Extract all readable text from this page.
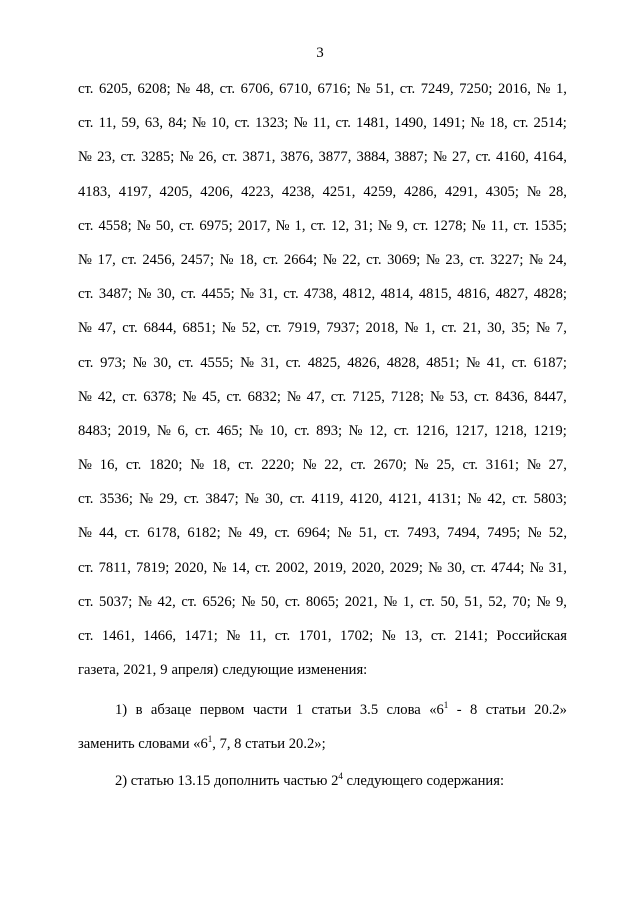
3
ст. 6205, 6208; № 48, ст. 6706, 6710, 6716; № 51, ст. 7249, 7250; 2016, № 1,
ст. 11, 59, 63, 84; № 10, ст. 1323; № 11, ст. 1481, 1490, 1491; № 18, ст. 2514;
№ 23, ст. 3285; № 26, ст. 3871, 3876, 3877, 3884, 3887; № 27, ст. 4160, 4164,
4183, 4197, 4205, 4206, 4223, 4238, 4251, 4259, 4286, 4291, 4305; № 28,
ст. 4558; № 50, ст. 6975; 2017, № 1, ст. 12, 31; № 9, ст. 1278; № 11, ст. 1535;
№ 17, ст. 2456, 2457; № 18, ст. 2664; № 22, ст. 3069; № 23, ст. 3227; № 24,
ст. 3487; № 30, ст. 4455; № 31, ст. 4738, 4812, 4814, 4815, 4816, 4827, 4828;
№ 47, ст. 6844, 6851; № 52, ст. 7919, 7937; 2018, № 1, ст. 21, 30, 35; № 7,
ст. 973; № 30, ст. 4555; № 31, ст. 4825, 4826, 4828, 4851; № 41, ст. 6187;
№ 42, ст. 6378; № 45, ст. 6832; № 47, ст. 7125, 7128; № 53, ст. 8436, 8447,
8483; 2019, № 6, ст. 465; № 10, ст. 893; № 12, ст. 1216, 1217, 1218, 1219;
№ 16, ст. 1820; № 18, ст. 2220; № 22, ст. 2670; № 25, ст. 3161; № 27,
ст. 3536; № 29, ст. 3847; № 30, ст. 4119, 4120, 4121, 4131; № 42, ст. 5803;
№ 44, ст. 6178, 6182; № 49, ст. 6964; № 51, ст. 7493, 7494, 7495; № 52,
ст. 7811, 7819; 2020, № 14, ст. 2002, 2019, 2020, 2029; № 30, ст. 4744; № 31,
ст. 5037; № 42, ст. 6526; № 50, ст. 8065; 2021, № 1, ст. 50, 51, 52, 70; № 9,
ст. 1461, 1466, 1471; № 11, ст. 1701, 1702; № 13, ст. 2141; Российская
газета, 2021, 9 апреля) следующие изменения:
1) в абзаце первом части 1 статьи 3.5 слова «$6^1 - 8$ статьи 20.2»
заменить словами «$6^1$, 7, 8 статьи 20.2»;
2) статью 13.15 дополнить частью $2^4$ следующего содержания:
